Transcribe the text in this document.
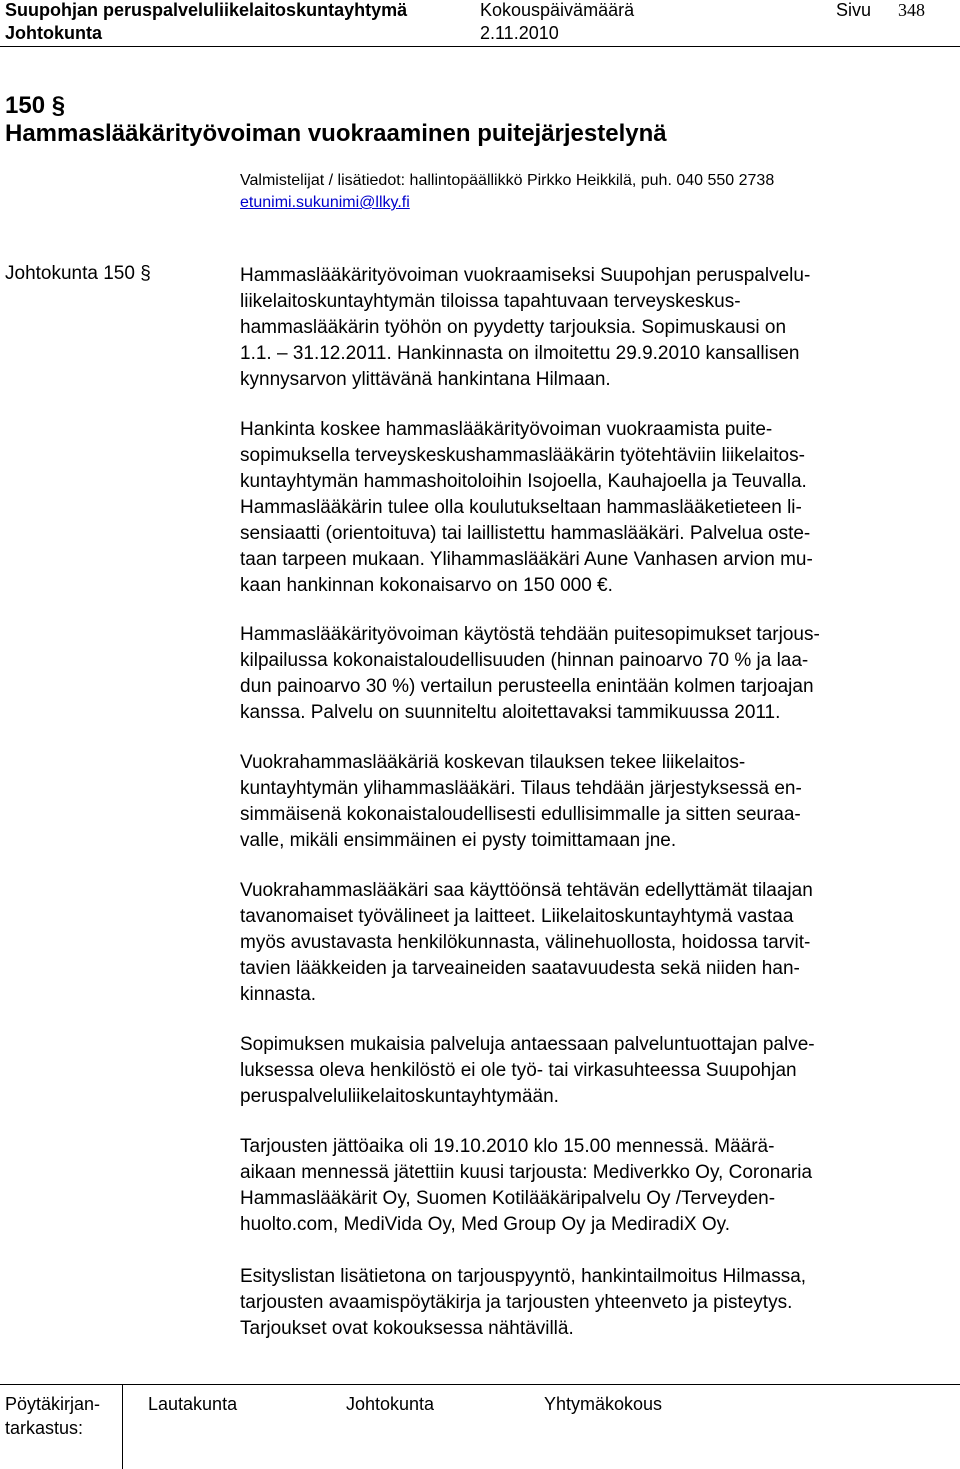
Suupohjan peruspalveluliikelaitoskuntayhtymä	Kokouspäivämäärä	Sivu 348
Johtokunta	2.11.2010
150 §
Hammaslääkärityövoiman vuokraaminen puitejärjestelynä
Valmistelijat / lisätiedot: hallintopäällikkö Pirkko Heikkilä, puh. 040 550 2738
etunimi.sukunimi@llky.fi
Johtokunta 150 §	Hammaslääkärityövoiman vuokraamiseksi Suupohjan peruspalvelu-
liikelaitoskuntayhtymän tiloissa tapahtuvaan terveyskeskus-
hammaslääkärin työhön on pyydetty tarjouksia. Sopimuskausi on
1.1. – 31.12.2011. Hankinnasta on ilmoitettu 29.9.2010 kansallisen
kynnysarvon ylittävänä hankintana Hilmaan.
Hankinta koskee hammaslääkärityövoiman vuokraamista puite-
sopimuksella terveyskeskushammaslääkärin työtehtäviin liikelaitos-
kuntayhtymän hammashoitoloihin Isojoella, Kauhajoella ja Teuvalla.
Hammaslääkärin tulee olla koulutukseltaan hammaslääketieteen li-
sensiaatti (orientoituva) tai laillistettu hammaslääkäri. Palvelua oste-
taan tarpeen mukaan. Ylihammaslääkäri Aune Vanhasen arvion mu-
kaan hankinnan kokonaisarvo on 150 000 €.
Hammaslääkärityövoiman käytöstä tehdään puitesopimukset tarjous-
kilpailussa kokonaistaloudellisuuden (hinnan painoarvo 70 % ja laa-
dun painoarvo 30 %) vertailun perusteella enintään kolmen tarjoajan
kanssa. Palvelu on suunniteltu aloitettavaksi tammikuussa 2011.
Vuokrahammaslääkäriä koskevan tilauksen tekee liikelaitos-
kuntayhtymän ylihammaslääkäri. Tilaus tehdään järjestyksessä en-
simmäisenä kokonaistaloudellisesti edullisimmalle ja sitten seuraa-
valle, mikäli ensimmäinen ei pysty toimittamaan jne.
Vuokrahammaslääkäri saa käyttöönsä tehtävän edellyttämät tilaajan
tavanomaiset työvälineet ja laitteet. Liikelaitoskuntayhtymä vastaa
myös avustavasta henkilökunnasta, välinehuollosta, hoidossa tarvit-
tavien lääkkeiden ja tarveaineiden saatavuudesta sekä niiden han-
kinnasta.
Sopimuksen mukaisia palveluja antaessaan palveluntuottajan palve-
luksessa oleva henkilöstö ei ole työ- tai virkasuhteessa Suupohjan
peruspalveluliikelaitoskuntayhtymään.
Tarjousten jättöaika oli 19.10.2010 klo 15.00 mennessä. Määrä-
aikaan mennessä jätettiin kuusi tarjousta: Mediverkko Oy, Coronaria
Hammaslääkärit Oy, Suomen Kotilääkäripalvelu Oy /Terveyden-
huolto.com, MediVida Oy, Med Group Oy ja MediradiX Oy.
Esityslistan lisätietona on tarjouspyyntö, hankintailmoitus Hilmassa,
tarjousten avaamispöytäkirja ja tarjousten yhteenveto ja pisteytys.
Tarjoukset ovat kokouksessa nähtävillä.
Pöytäkirjan-
tarkastus:
Lautakunta	Johtokunta	Yhtymäkokous
